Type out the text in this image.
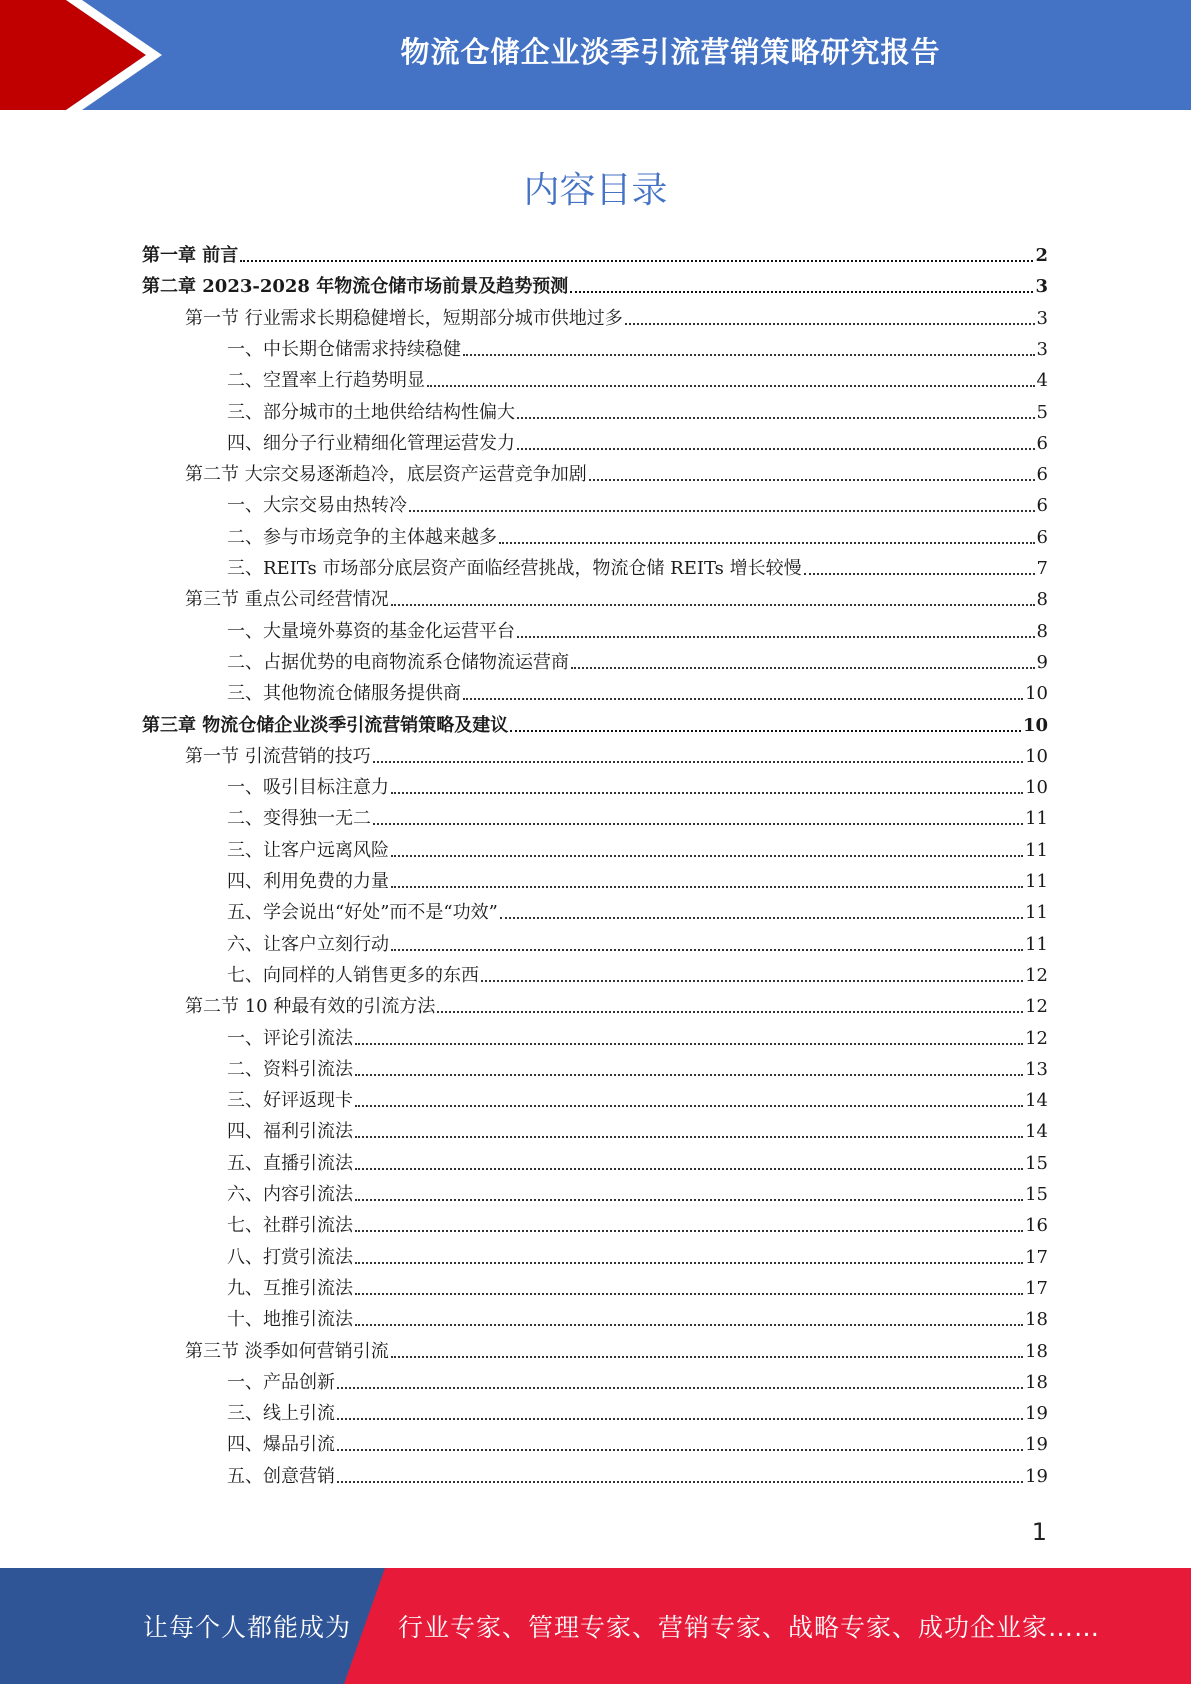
物流仓储企业淡季引流营销策略研究报告
内容目录
第一章 前言	2
第二章 2023-2028 年物流仓储市场前景及趋势预测	3
第一节 行业需求长期稳健增长，短期部分城市供地过多	3
一、中长期仓储需求持续稳健	3
二、空置率上行趋势明显	4
三、部分城市的土地供给结构性偏大	5
四、细分子行业精细化管理运营发力	6
第二节 大宗交易逐渐趋冷，底层资产运营竞争加剧	6
一、大宗交易由热转冷	6
二、参与市场竞争的主体越来越多	6
三、REITs 市场部分底层资产面临经营挑战，物流仓储 REITs 增长较慢	7
第三节 重点公司经营情况	8
一、大量境外募资的基金化运营平台	8
二、占据优势的电商物流系仓储物流运营商	9
三、其他物流仓储服务提供商	10
第三章 物流仓储企业淡季引流营销策略及建议	10
第一节 引流营销的技巧	10
一、吸引目标注意力	10
二、变得独一无二	11
三、让客户远离风险	11
四、利用免费的力量	11
五、学会说出“好处”而不是“功效”	11
六、让客户立刻行动	11
七、向同样的人销售更多的东西	12
第二节 10 种最有效的引流方法	12
一、评论引流法	12
二、资料引流法	13
三、好评返现卡	14
四、福利引流法	14
五、直播引流法	15
六、内容引流法	15
七、社群引流法	16
八、打赏引流法	17
九、互推引流法	17
十、地推引流法	18
第三节 淡季如何营销引流	18
一、产品创新	18
三、线上引流	19
四、爆品引流	19
五、创意营销	19
1
让每个人都能成为 行业专家、管理专家、营销专家、战略专家、成功企业家……
